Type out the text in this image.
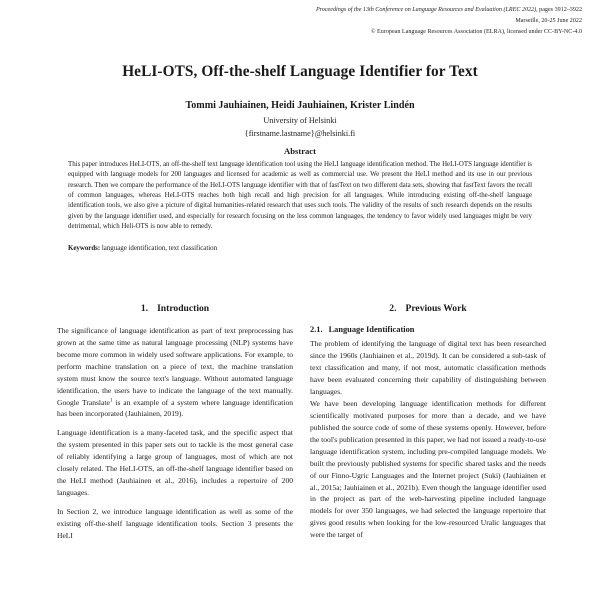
Proceedings of the 13th Conference on Language Resources and Evaluation (LREC 2022), pages 3912–3922
Marseille, 20-25 June 2022
© European Language Resources Association (ELRA), licensed under CC-BY-NC-4.0
HeLI-OTS, Off-the-shelf Language Identifier for Text
Tommi Jauhiainen, Heidi Jauhiainen, Krister Lindén
University of Helsinki
{firstname.lastname}@helsinki.fi
Abstract

This paper introduces HeLI-OTS, an off-the-shelf text language identification tool using the HeLI language identification method. The HeLI-OTS language identifier is equipped with language models for 200 languages and licensed for academic as well as commercial use. We present the HeLI method and its use in our previous research. Then we compare the performance of the HeLI-OTS language identifier with that of fastText on two different data sets, showing that fastText favors the recall of common languages, whereas HeLI-OTS reaches both high recall and high precision for all languages. While introducing existing off-the-shelf language identification tools, we also give a picture of digital humanities-related research that uses such tools. The validity of the results of such research depends on the results given by the language identifier used, and especially for research focusing on the less common languages, the tendency to favor widely used languages might be very detrimental, which Heli-OTS is now able to remedy.

Keywords: language identification, text classification
1. Introduction

The significance of language identification as part of text preprocessing has grown at the same time as natural language processing (NLP) systems have become more common in widely used software applications. For example, to perform machine translation on a piece of text, the machine translation system must know the source text's language. Without automated language identification, the users have to indicate the language of the text manually. Google Translate$^1$ is an example of a system where language identification has been incorporated (Jauhiainen, 2019).

Language identification is a many-faceted task, and the specific aspect that the system presented in this paper sets out to tackle is the most general case of reliably identifying a large group of languages, most of which are not closely related. The HeLI-OTS, an off-the-shelf language identifier based on the HeLI method (Jauhiainen et al., 2016), includes a repertoire of 200 languages.

In Section 2, we introduce language identification as well as some of the existing off-the-shelf language identification tools. Section 3 presents the HeLI

2. Previous Work
2.1. Language Identification

The problem of identifying the language of digital text has been researched since the 1960s (Jauhiainen et al., 2019d). It can be considered a sub-task of text classification and many, if not most, automatic classification methods have been evaluated concerning their capability of distinguishing between languages.

We have been developing language identification methods for different scientifically motivated purposes for more than a decade, and we have published the source code of some of these systems openly. However, before the tool's publication presented in this paper, we had not issued a ready-to-use language identification system, including pre-compiled language models. We built the previously published systems for specific shared tasks and the needs of our Finno-Ugric Languages and the Internet project (Suki) (Jauhiainen et al., 2015a; Jauhiainen et al., 2021b). Even though the language identifier used in the project as part of the web-harvesting pipeline included language models for over 350 languages, we had selected the language repertoire that gives good results when looking for the low-resourced Uralic languages that were the target of
